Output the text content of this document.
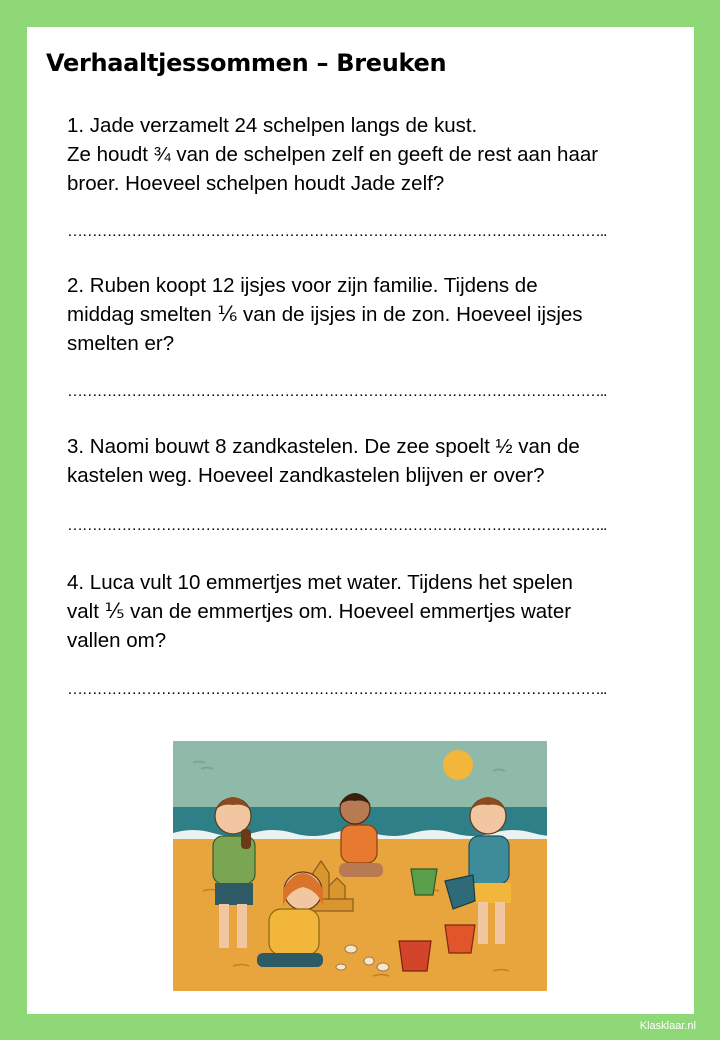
Verhaaltjessommen – Breuken
1. Jade verzamelt 24 schelpen langs de kust.
Ze houdt ¾ van de schelpen zelf en geeft de rest aan haar
broer. Hoeveel schelpen houdt Jade zelf?
………………………………………………………………………………………………..
2. Ruben koopt 12 ijsjes voor zijn familie. Tijdens de
middag smelten ⅙ van de ijsjes in de zon. Hoeveel ijsjes
smelten er?
………………………………………………………………………………………………..
3. Naomi bouwt 8 zandkastelen. De zee spoelt ½ van de
kastelen weg. Hoeveel zandkastelen blijven er over?
………………………………………………………………………………………………..
4. Luca vult 10 emmertjes met water. Tijdens het spelen
valt ⅕ van de emmertjes om. Hoeveel emmertjes water
vallen om?
………………………………………………………………………………………………..
Klasklaar.nl
